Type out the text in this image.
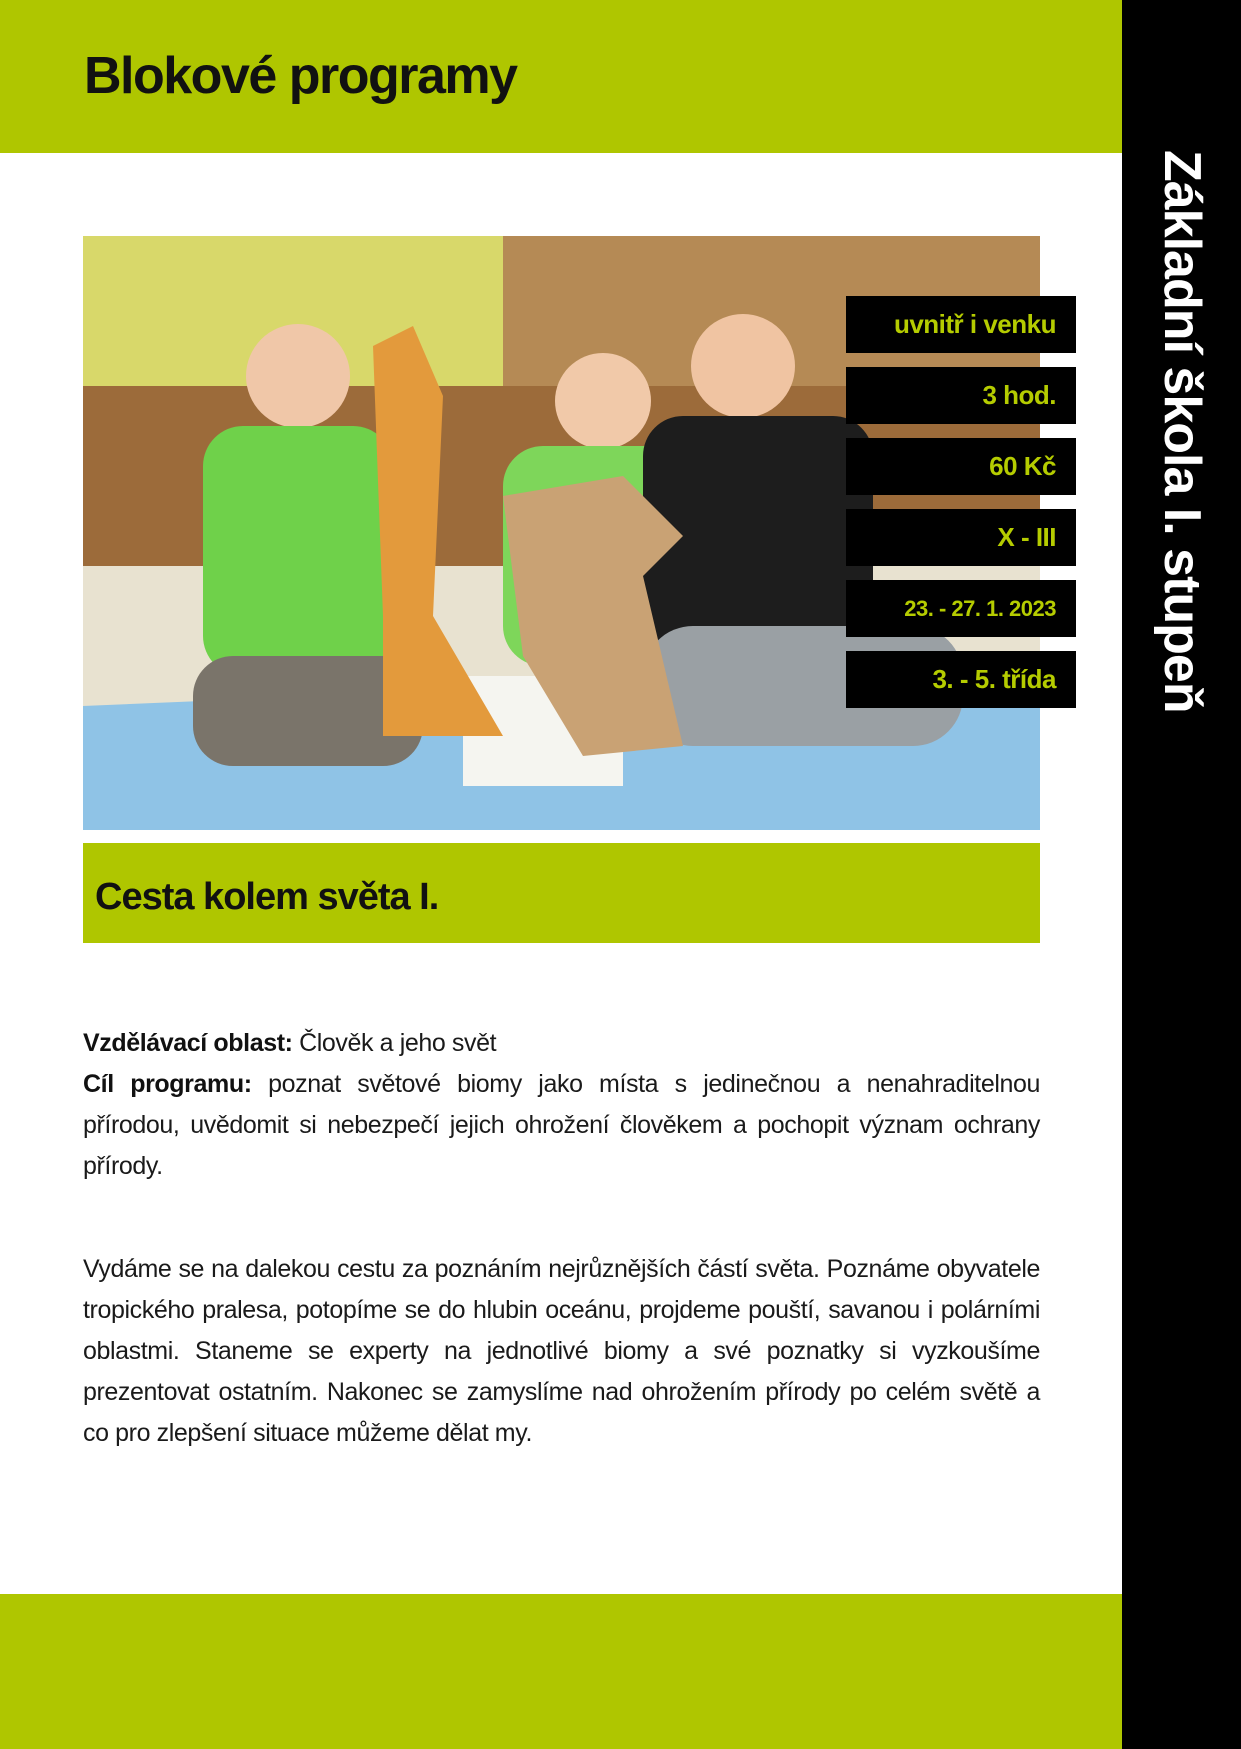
Blokové programy
Základní škola I. stupeň
uvnitř i venku
3 hod.
60 Kč
X - III
23. - 27. 1. 2023
3. - 5. třída
Cesta kolem světa I.
Vzdělávací oblast: Člověk a jeho svět
Cíl programu: poznat světové biomy jako místa s jedinečnou a nenahraditelnou přírodou, uvědomit si nebezpečí jejich ohrožení člověkem a pochopit význam ochrany přírody.
Vydáme se na dalekou cestu za poznáním nejrůznějších částí světa. Poznáme obyvatele tropického pralesa, potopíme se do hlubin oceánu, projdeme pouští, savanou i polárními oblastmi. Staneme se experty na jednotlivé biomy a své poznatky si vyzkoušíme prezentovat ostatním. Nakonec se zamyslíme nad ohrožením přírody po celém světě a co pro zlepšení situace můžeme dělat my.
